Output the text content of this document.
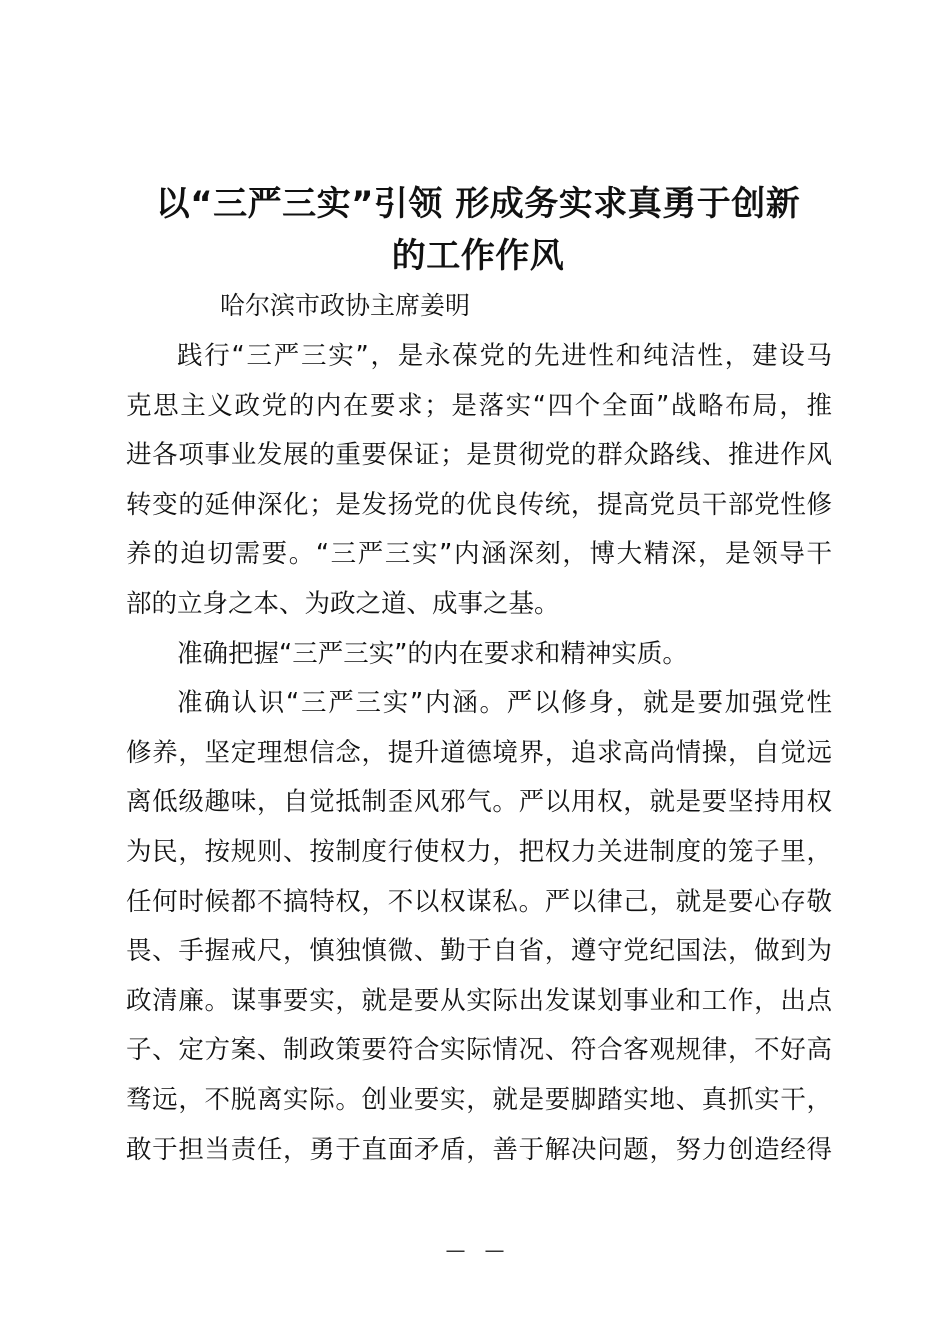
以“三严三实”引领 形成务实求真勇于创新
的工作作风

哈尔滨市政协主席姜明

践行“三严三实”，是永葆党的先进性和纯洁性，建设马
克思主义政党的内在要求；是落实“四个全面”战略布局，推
进各项事业发展的重要保证；是贯彻党的群众路线、推进作风
转变的延伸深化；是发扬党的优良传统，提高党员干部党性修
养的迫切需要。“三严三实”内涵深刻，博大精深，是领导干
部的立身之本、为政之道、成事之基。

准确把握“三严三实”的内在要求和精神实质。

准确认识“三严三实”内涵。严以修身，就是要加强党性
修养，坚定理想信念，提升道德境界，追求高尚情操，自觉远
离低级趣味，自觉抵制歪风邪气。严以用权，就是要坚持用权
为民，按规则、按制度行使权力，把权力关进制度的笼子里，
任何时候都不搞特权，不以权谋私。严以律己，就是要心存敬
畏、手握戒尺，慎独慎微、勤于自省，遵守党纪国法，做到为
政清廉。谋事要实，就是要从实际出发谋划事业和工作，出点
子、定方案、制政策要符合实际情况、符合客观规律，不好高
骛远，不脱离实际。创业要实，就是要脚踏实地、真抓实干，
敢于担当责任，勇于直面矛盾，善于解决问题，努力创造经得

—   —
